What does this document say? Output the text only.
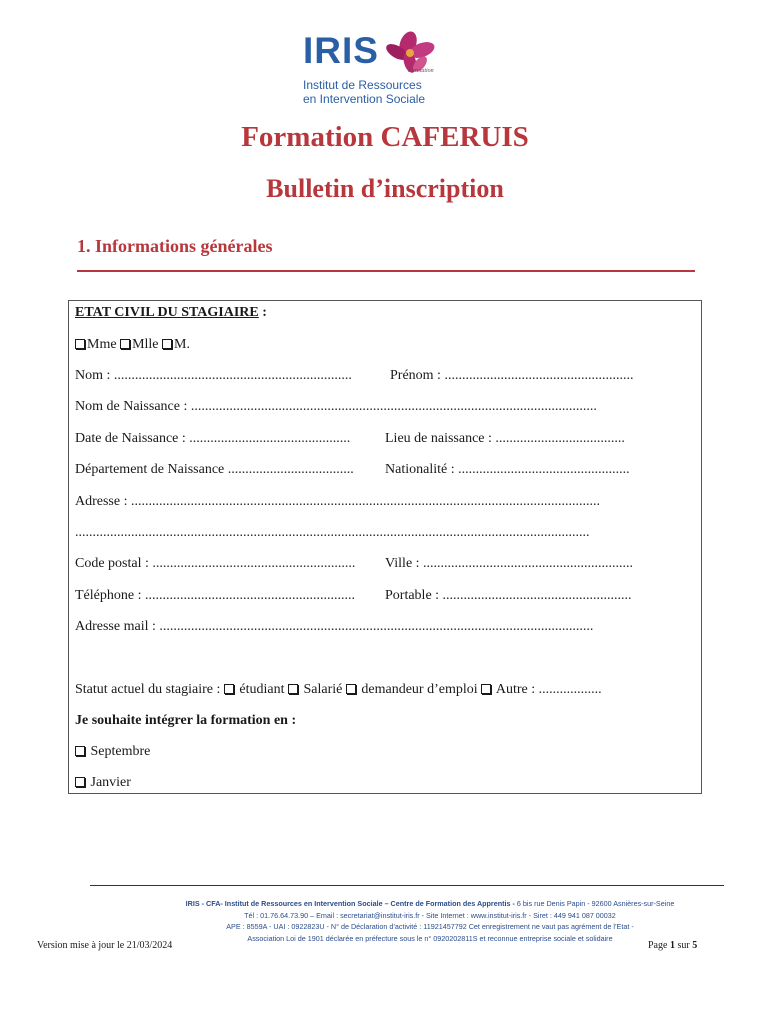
IRIS	Formation
Institut de Ressources
en Intervention Sociale
Formation CAFERUIS
Bulletin d’inscription
1. Informations générales
ETAT CIVIL DU STAGIAIRE :
Mme Mlle M.
Nom : ....................................................................	Prénom : ......................................................
Nom de Naissance : ....................................................................................................................
Date de Naissance : .............................................. Lieu de naissance : .....................................
Département de Naissance .................................... Nationalité : .................................................
Adresse : ......................................................................................................................................
...................................................................................................................................................
Code postal : .......................................................... Ville : ............................................................
Téléphone : ............................................................ Portable : ......................................................
Adresse mail : ............................................................................................................................
Statut actuel du stagiaire :  étudiant Salarié demandeur d’emploi Autre : ..................
Je souhaite intégrer la formation en :
Septembre
Janvier
IRIS - CFA- Institut de Ressources en Intervention Sociale – Centre de Formation des Apprentis - 6 bis rue Denis Papin - 92600 Asnières-sur-Seine
Tél : 01.76.64.73.90 – Email : secretariat@institut-iris.fr - Site Internet : www.institut-iris.fr - Siret : 449 941 087 00032
APE : 8559A - UAI : 0922823U - N° de Déclaration d’activité : 11921457792 Cet enregistrement ne vaut pas agrément de l’Etat -
Association Loi de 1901 déclarée en préfecture sous le n° 0920202811S et reconnue entreprise sociale et solidaire
Version mise à jour le 21/03/2024	Page 1 sur 5
